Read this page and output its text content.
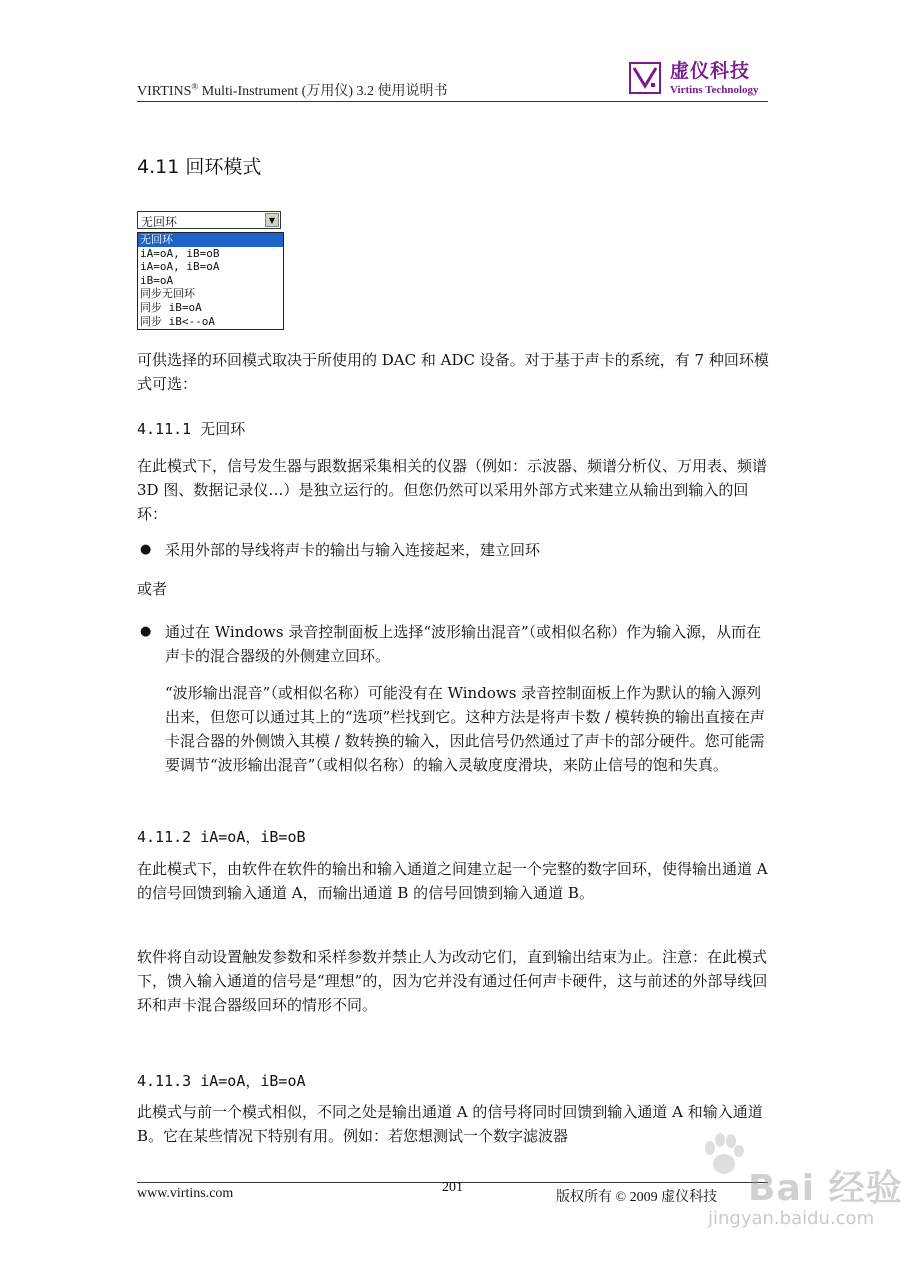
VIRTINS® Multi-Instrument (万用仪) 3.2 使用说明书
虚仪科技
Virtins Technology
4.11 回环模式
无回环	▼
无回环
iA=oA, iB=oB
iA=oA, iB=oA
iB=oA
同步无回环
同步 iB=oA
同步 iB<--oA

可供选择的环回模式取决于所使用的 DAC 和 ADC 设备。对于基于声卡的系统，有 7 种回环模式可选：

4.11.1 无回环

在此模式下，信号发生器与跟数据采集相关的仪器（例如：示波器、频谱分析仪、万用表、频谱 3D 图、数据记录仪…）是独立运行的。但您仍然可以采用外部方式来建立从输出到输入的回环：

● 采用外部的导线将声卡的输出与输入连接起来，建立回环

或者

● 通过在 Windows 录音控制面板上选择“波形输出混音”（或相似名称）作为输入源，从而在声卡的混合器级的外侧建立回环。

“波形输出混音”（或相似名称）可能没有在 Windows 录音控制面板上作为默认的输入源列出来，但您可以通过其上的“选项”栏找到它。这种方法是将声卡数 / 模转换的输出直接在声卡混合器的外侧馈入其模 / 数转换的输入，因此信号仍然通过了声卡的部分硬件。您可能需要调节“波形输出混音”（或相似名称）的输入灵敏度度滑块，来防止信号的饱和失真。

4.11.2 iA=oA，iB=oB

在此模式下，由软件在软件的输出和输入通道之间建立起一个完整的数字回环，使得输出通道 A 的信号回馈到输入通道 A，而输出通道 B 的信号回馈到输入通道 B。

软件将自动设置触发参数和采样参数并禁止人为改动它们，直到输出结束为止。注意：在此模式下，馈入输入通道的信号是“理想”的，因为它并没有通过任何声卡硬件，这与前述的外部导线回环和声卡混合器级回环的情形不同。

4.11.3 iA=oA，iB=oA

此模式与前一个模式相似，不同之处是输出通道 A 的信号将同时回馈到输入通道 A 和输入通道 B。它在某些情况下特别有用。例如：若您想测试一个数字滤波器

www.virtins.com	201
版权所有 © 2009 虚仪科技 Bai 经验
jingyan.baidu.com
